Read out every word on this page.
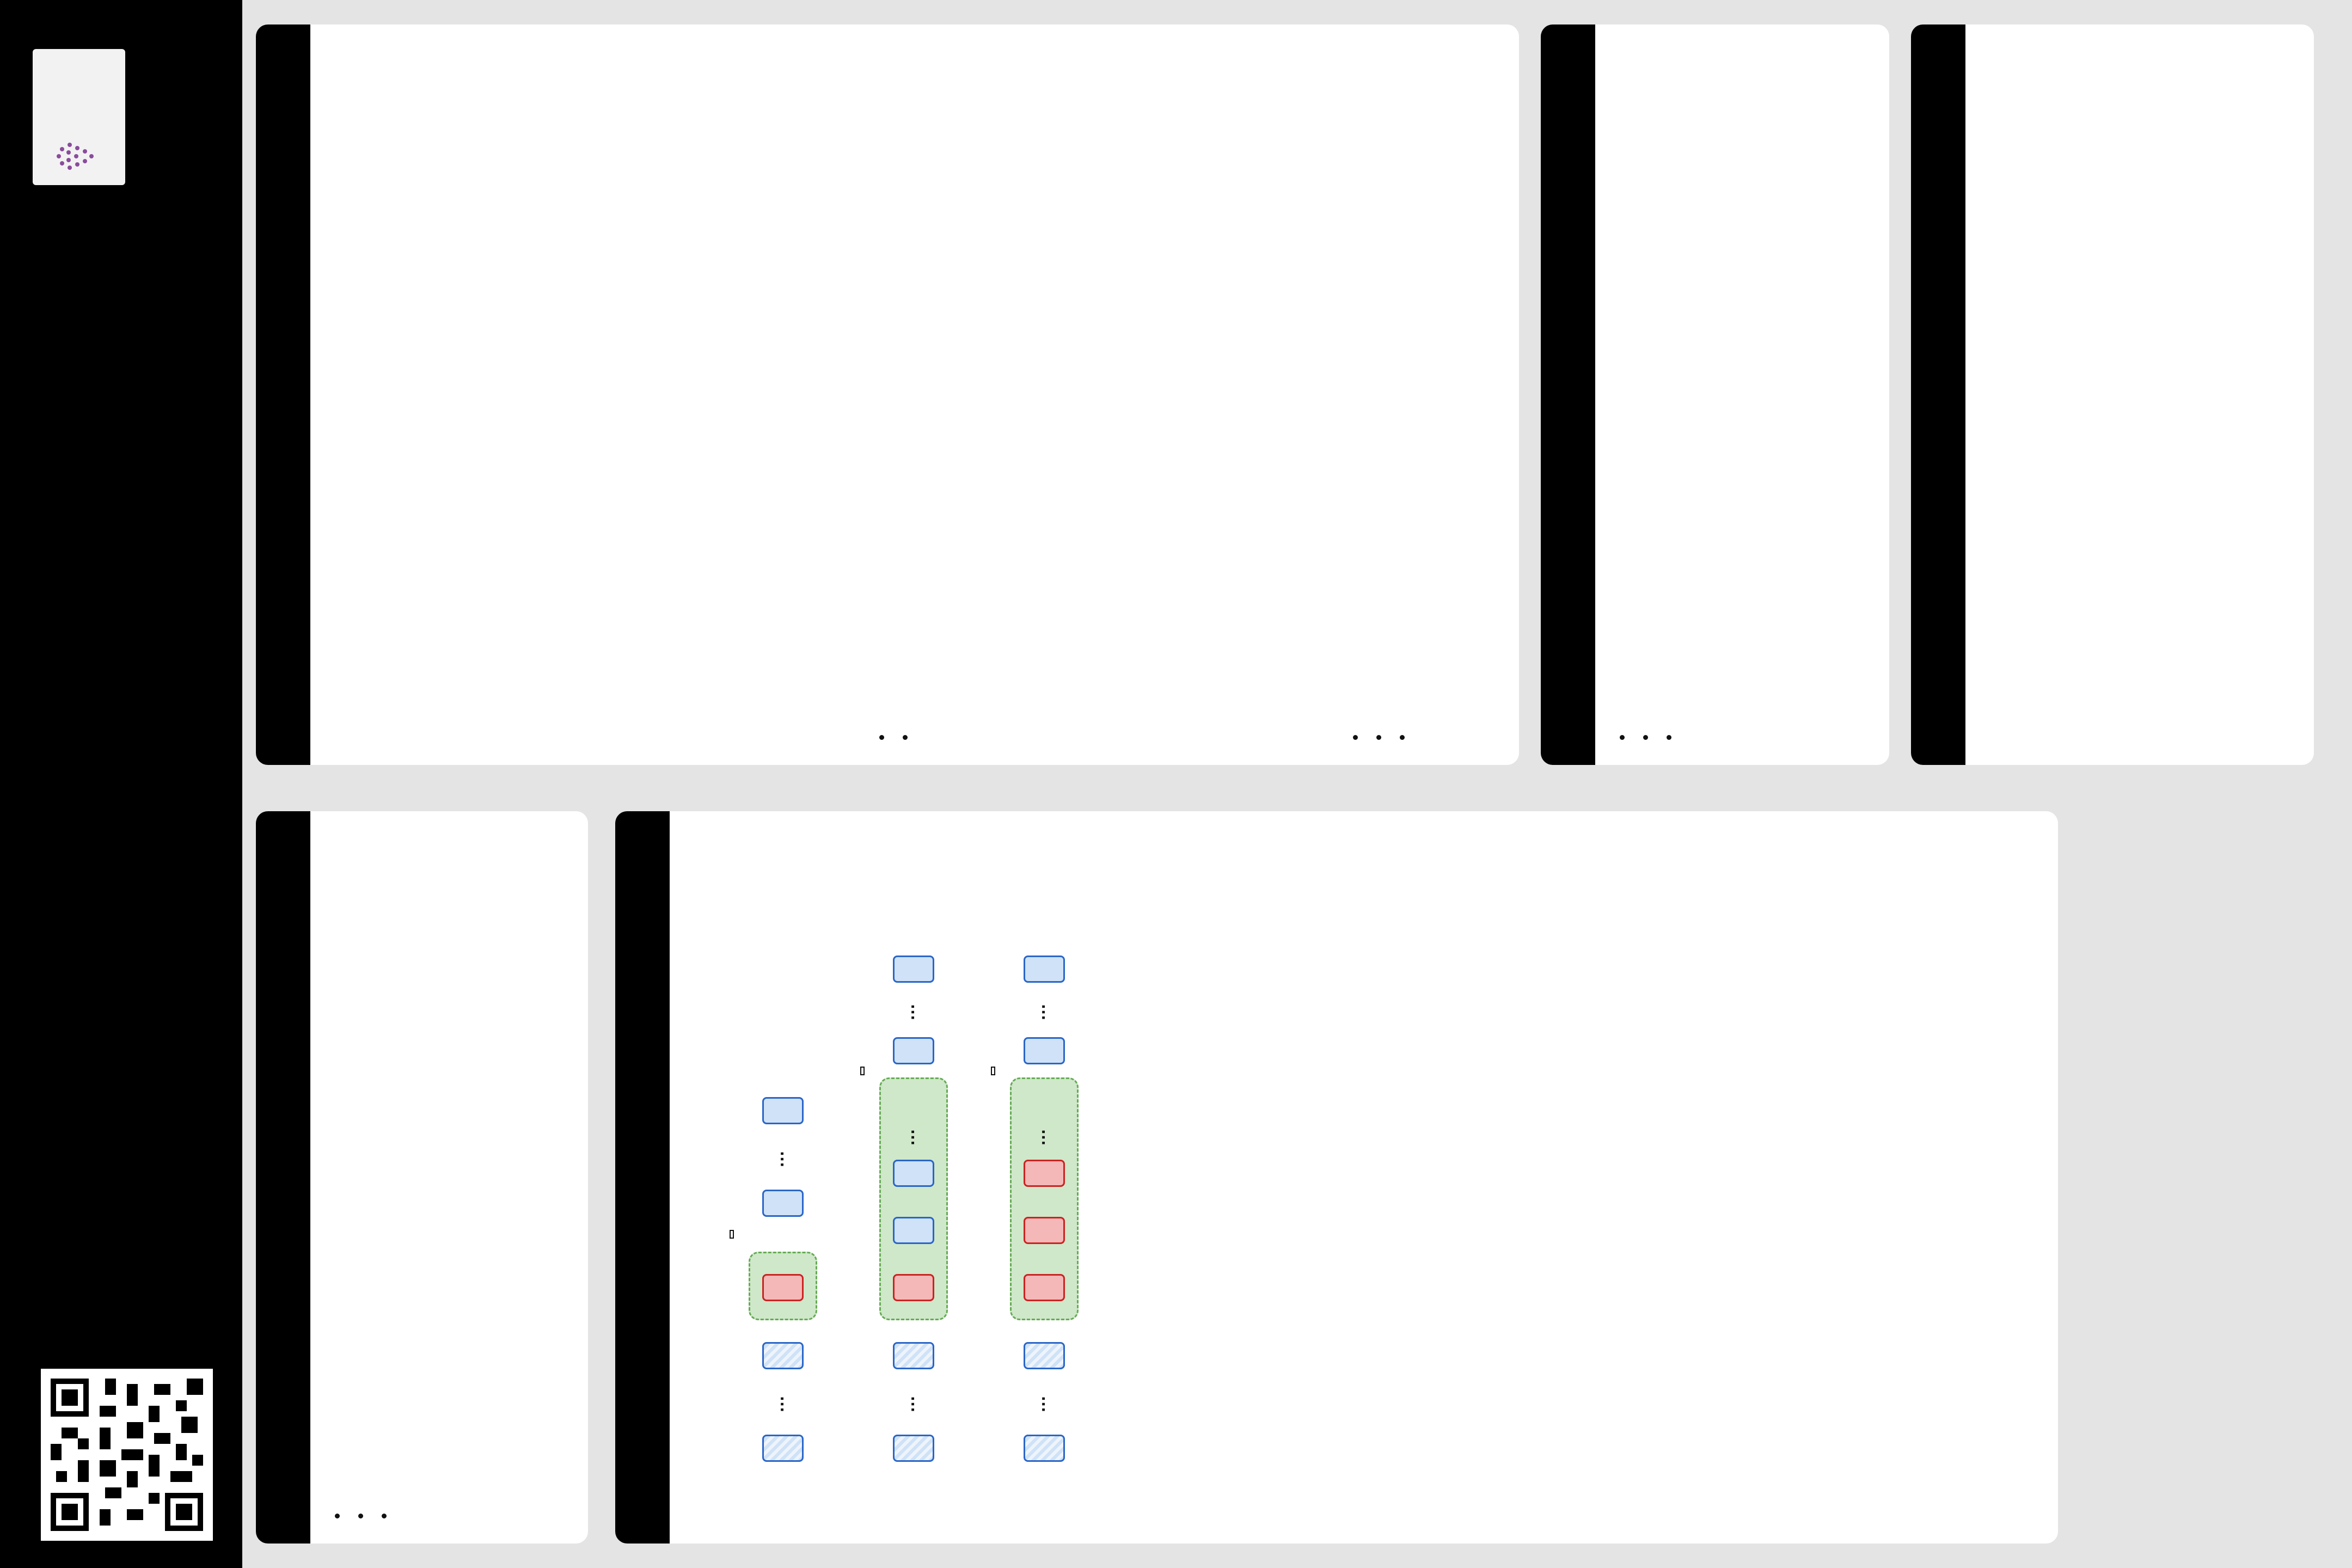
•
•
•
…
…
…
…
…
…
…
…
•
•
•
•
•
•
•
•
